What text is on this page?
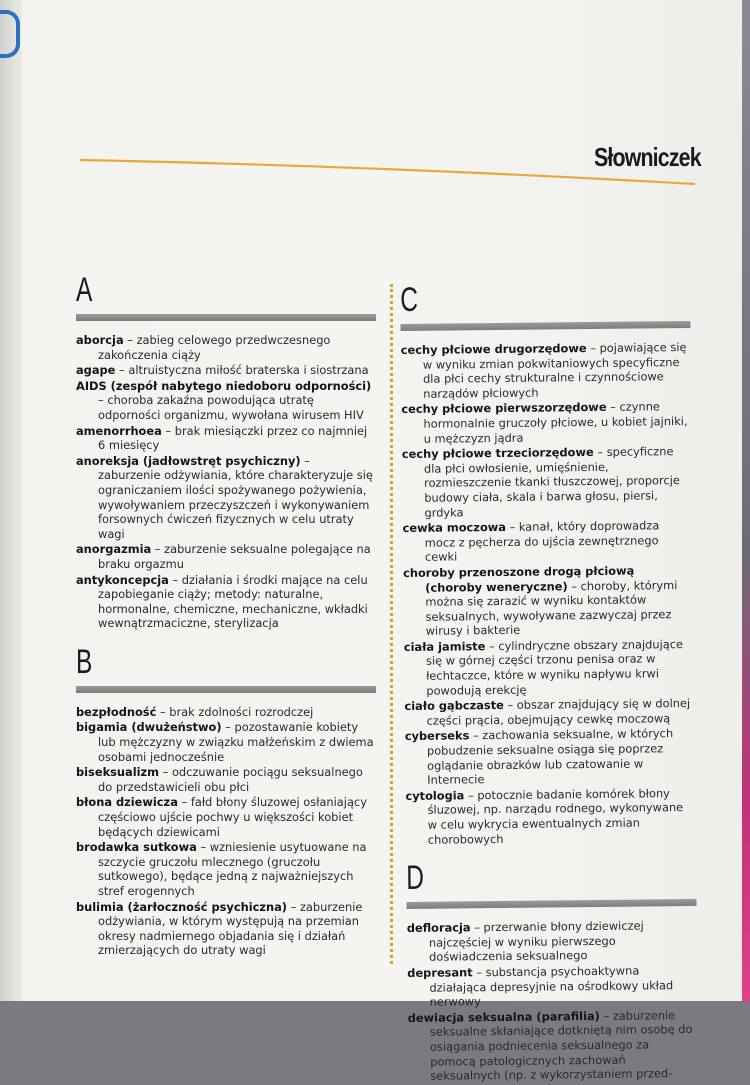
Słowniczek
A
aborcja – zabieg celowego przedwczesnego zakończenia ciąży
agape – altruistyczna miłość braterska i siostrzana
AIDS (zespół nabytego niedoboru odporności) – choroba zakaźna powodująca utratę odporności organizmu, wywołana wirusem HIV
amenorrhoea – brak miesiączki przez co najmniej 6 miesięcy
anoreksja (jadłowstręt psychiczny) – zaburzenie odżywiania, które charakteryzuje się ograniczaniem ilości spożywanego pożywienia, wywoływaniem przeczyszczeń i wykonywaniem forsownych ćwiczeń fizycznych w celu utraty wagi
anorgazmia – zaburzenie seksualne polegające na braku orgazmu
antykoncepcja – działania i środki mające na celu zapobieganie ciąży; metody: naturalne, hormonalne, chemiczne, mechaniczne, wkładki wewnątrzmaciczne, sterylizacja
B
bezpłodność – brak zdolności rozrodczej
bigamia (dwużeństwo) – pozostawanie kobiety lub mężczyzny w związku małżeńskim z dwiema osobami jednocześnie
biseksualizm – odczuwanie pociągu seksualnego do przedstawicieli obu płci
błona dziewicza – fałd błony śluzowej osłaniający częściowo ujście pochwy u większości kobiet będących dziewicami
brodawka sutkowa – wzniesienie usytuowane na szczycie gruczołu mlecznego (gruczołu sutkowego), będące jedną z najważniejszych stref erogennych
bulimia (żarłoczność psychiczna) – zaburzenie odżywiania, w którym występują na przemian okresy nadmiernego objadania się i działań zmierzających do utraty wagi
C
cechy płciowe drugorzędowe – pojawiające się w wyniku zmian pokwitaniowych specyficzne dla płci cechy strukturalne i czynnościowe narządów płciowych
cechy płciowe pierwszorzędowe – czynne hormonalnie gruczoły płciowe, u kobiet jajniki, u mężczyzn jądra
cechy płciowe trzeciorzędowe – specyficzne dla płci owłosienie, umięśnienie, rozmieszczenie tkanki tłuszczowej, proporcje budowy ciała, skala i barwa głosu, piersi, grdyka
cewka moczowa – kanał, który doprowadza mocz z pęcherza do ujścia zewnętrznego cewki
choroby przenoszone drogą płciową (choroby weneryczne) – choroby, którymi można się zarazić w wyniku kontaktów seksualnych, wywoływane zazwyczaj przez wirusy i bakterie
ciała jamiste – cylindryczne obszary znajdujące się w górnej części trzonu penisa oraz w łechtaczce, które w wyniku napływu krwi powodują erekcję
ciało gąbczaste – obszar znajdujący się w dolnej części prącia, obejmujący cewkę moczową
cyberseks – zachowania seksualne, w których pobudzenie seksualne osiąga się poprzez oglądanie obrazków lub czatowanie w Internecie
cytologia – potocznie badanie komórek błony śluzowej, np. narządu rodnego, wykonywane w celu wykrycia ewentualnych zmian chorobowych
D
defloracja – przerwanie błony dziewiczej najczęściej w wyniku pierwszego doświadczenia seksualnego
depresant – substancja psychoaktywna działająca depresyjnie na ośrodkowy układ nerwowy
dewiacja seksualna (parafilia) – zaburzenie seksualne skłaniające dotkniętą nim osobę do osiągania podniecenia seksualnego za pomocą patologicznych zachowań seksualnych (np. z wykorzystaniem przed-
